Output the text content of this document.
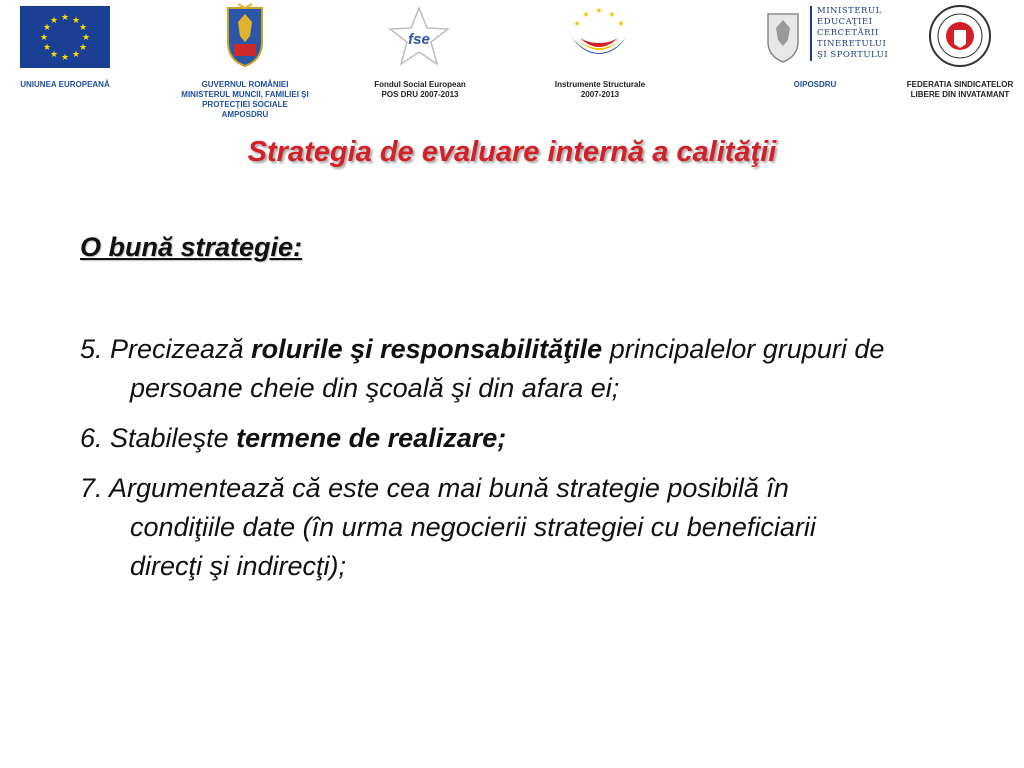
★ ★
★
★
★
★
★
★
★
★
★
★
UNIUNEA EUROPEANĂ	GUVERNUL ROMÂNIEI
MINISTERUL MUNCII, FAMILIEI ŞI
PROTECŢIEI SOCIALE
AMPOSDRU
fse
Fondul Social European
POS DRU 2007-2013
★ ★
★
★
★
Instrumente Structurale
2007-2013
MINISTERUL
EDUCAŢIEI
CERCETĂRII
TINERETULUI
ŞI SPORTULUI
OIPOSDRU	FEDERATIA SINDICATELOR
LIBERE DIN INVATAMANT
Strategia de evaluare internă a calităţii
O bună strategie:

5. Precizează rolurile şi responsabilităţile principalelor grupuri de persoane cheie din şcoală şi din afara ei;

6. Stabileşte termene de realizare;

7. Argumentează că este cea mai bună strategie posibilă în condiţiile date (în urma negocierii strategiei cu beneficiarii direcţi şi indirecţi);
